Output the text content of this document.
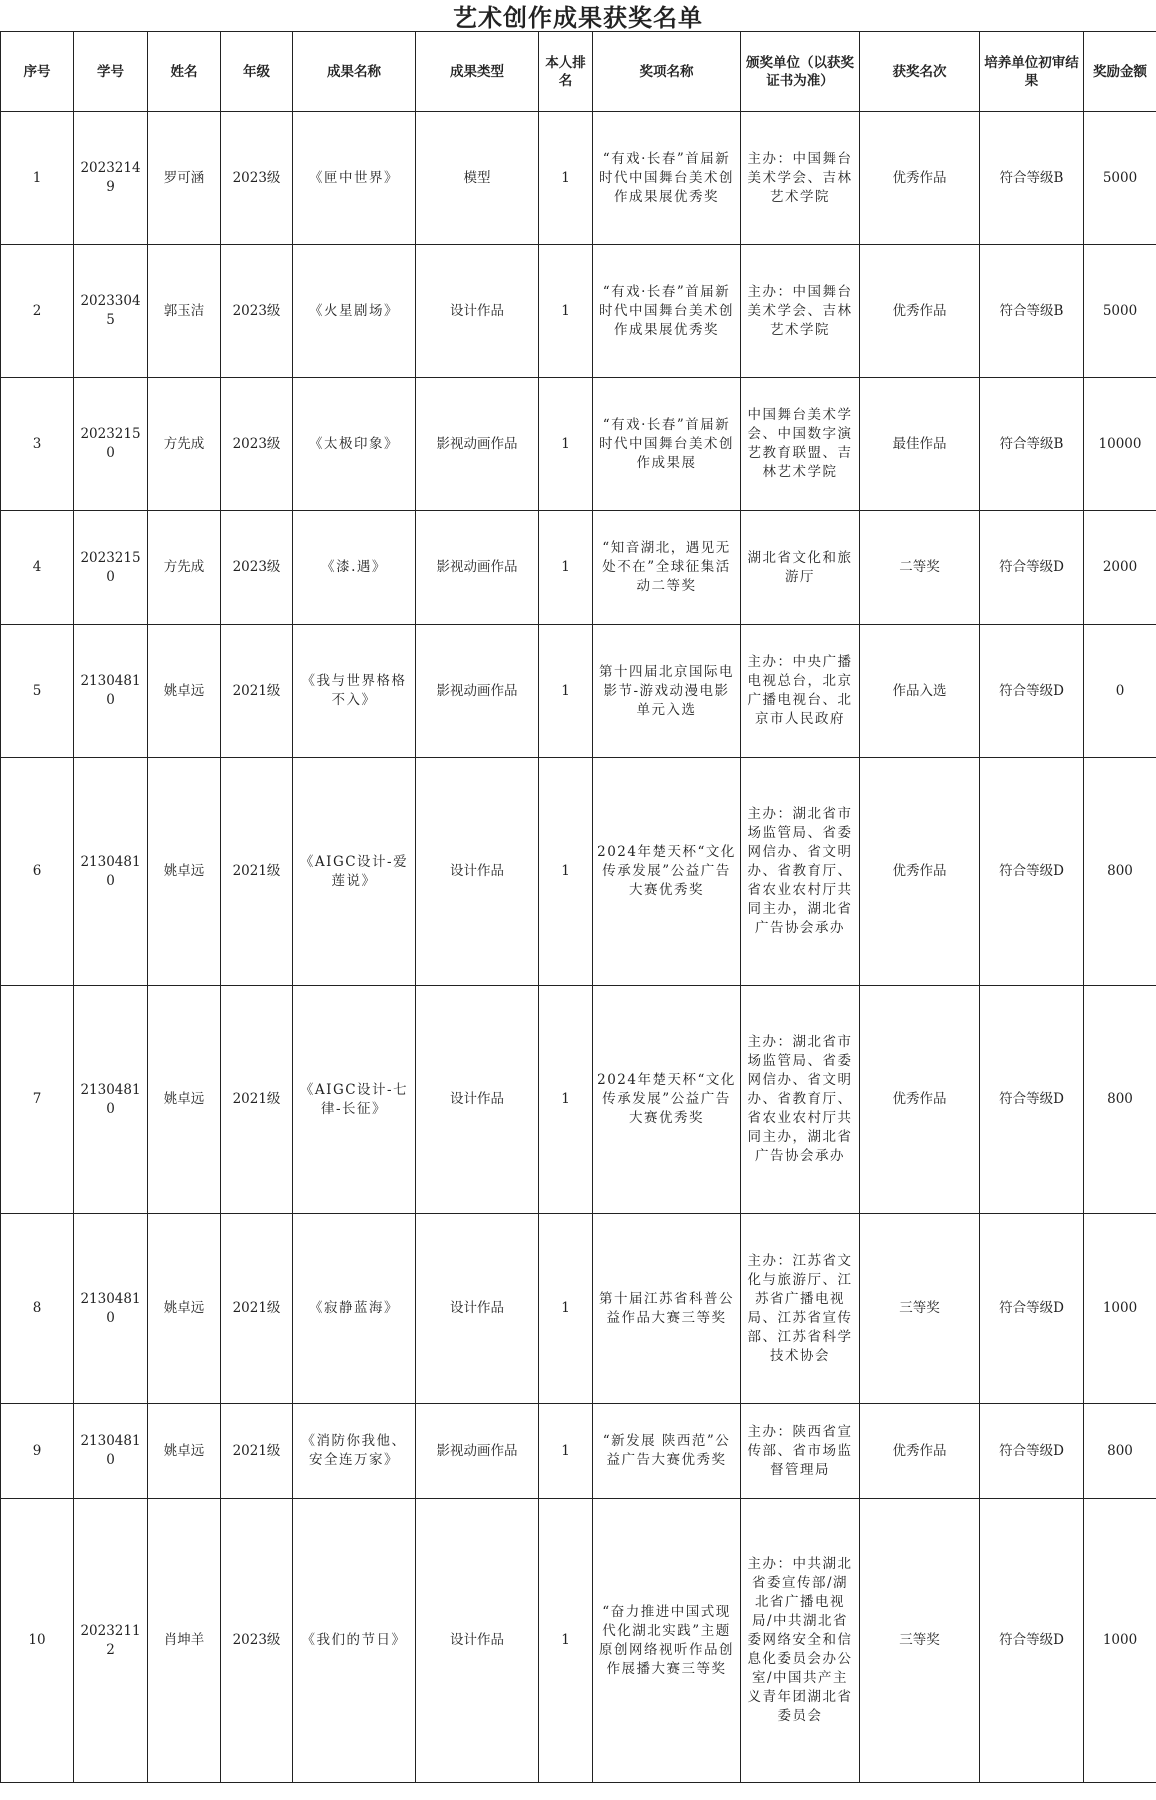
艺术创作成果获奖名单
序号	学号	姓名	年级	成果名称	成果类型	本人排名	奖项名称	颁奖单位（以获奖证书为准）	获奖名次	培养单位初审结果	奖励金额
1	20232149	罗可涵	2023级	《匣中世界》	模型	1	“有戏·长春”首届新时代中国舞台美术创作成果展优秀奖	主办：中国舞台美术学会、吉林艺术学院	优秀作品	符合等级B	5000
2	20233045	郭玉洁	2023级	《火星剧场》	设计作品	1	“有戏·长春”首届新时代中国舞台美术创作成果展优秀奖	主办：中国舞台美术学会、吉林艺术学院	优秀作品	符合等级B	5000
3	20232150	方先成	2023级	《太极印象》	影视动画作品	1	“有戏·长春”首届新时代中国舞台美术创作成果展	中国舞台美术学会、中国数字演艺教育联盟、吉林艺术学院	最佳作品	符合等级B	10000
4	20232150	方先成	2023级	《漆.遇》	影视动画作品	1	“知音湖北，遇见无处不在”全球征集活动二等奖	湖北省文化和旅游厅	二等奖	符合等级D	2000
5	21304810	姚卓远	2021级	《我与世界格格不入》	影视动画作品	1	第十四届北京国际电影节-游戏动漫电影单元入选	主办：中央广播电视总台，北京广播电视台、北京市人民政府	作品入选	符合等级D	0
6	21304810	姚卓远	2021级	《AIGC设计-爱莲说》	设计作品	1	2024年楚天杯“文化传承发展”公益广告大赛优秀奖	主办：湖北省市场监管局、省委网信办、省文明办、省教育厅、省农业农村厅共同主办，湖北省广告协会承办	优秀作品	符合等级D	800
7	21304810	姚卓远	2021级	《AIGC设计-七律-长征》	设计作品	1	2024年楚天杯“文化传承发展”公益广告大赛优秀奖	主办：湖北省市场监管局、省委网信办、省文明办、省教育厅、省农业农村厅共同主办，湖北省广告协会承办	优秀作品	符合等级D	800
8	21304810	姚卓远	2021级	《寂静蓝海》	设计作品	1	第十届江苏省科普公益作品大赛三等奖	主办：江苏省文化与旅游厅、江苏省广播电视局、江苏省宣传部、江苏省科学技术协会	三等奖	符合等级D	1000
9	21304810	姚卓远	2021级	《消防你我他、安全连万家》	影视动画作品	1	“新发展 陕西范”公益广告大赛优秀奖	主办：陕西省宣传部、省市场监督管理局	优秀作品	符合等级D	800
10	20232112	肖坤羊	2023级	《我们的节日》	设计作品	1	“奋力推进中国式现代化湖北实践”主题原创网络视听作品创作展播大赛三等奖	主办：中共湖北省委宣传部/湖北省广播电视局/中共湖北省委网络安全和信息化委员会办公室/中国共产主义青年团湖北省委员会	三等奖	符合等级D	1000
